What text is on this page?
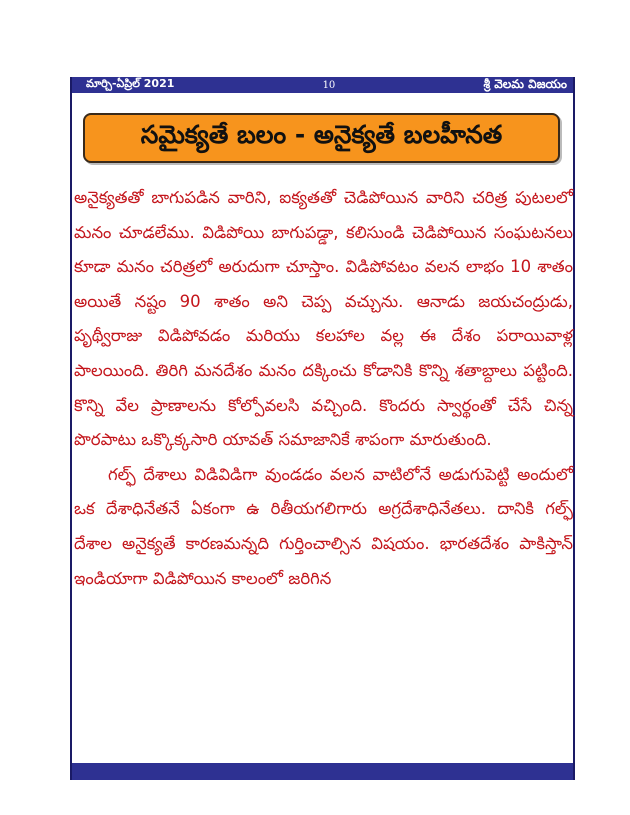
మార్చి-ఏప్రిల్ 2021	10	శ్రీ వెలమ విజయం
సమైక్యతే బలం - అనైక్యతే బలహీనత

అనైక్యతతో బాగుపడిన వారిని, ఐక్యతతో చెడిపోయిన వారిని చరిత్ర పుటలలో మనం చూడలేము. విడిపోయి బాగుపడ్డా, కలిసుండి చెడిపోయిన సంఘటనలు కూడా మనం చరిత్రలో అరుదుగా చూస్తాం. విడిపోవటం వలన లాభం 10 శాతం అయితే నష్టం 90 శాతం అని చెప్ప వచ్చును. ఆనాడు జయచంద్రుడు, పృథ్వీరాజు విడిపోవడం మరియు కలహాల వల్ల ఈ దేశం పరాయివాళ్ల పాలయింది. తిరిగి మనదేశం మనం దక్కించు కోడానికి కొన్ని శతాబ్దాలు పట్టింది. కొన్ని వేల ప్రాణాలను కోల్పోవలసి వచ్చింది. కొందరు స్వార్థంతో చేసే చిన్న పొరపాటు ఒక్కొక్కసారి యావత్ సమాజానికే శాపంగా మారుతుంది.

గల్ఫ్ దేశాలు విడివిడిగా వుండడం వలన వాటిలోనే అడుగుపెట్టి అందులో ఒక దేశాధినేతనే ఏకంగా ఉ రితీయగలిగారు అగ్రదేశాధినేతలు. దానికి గల్ఫ్ దేశాల అనైక్యతే కారణమన్నది గుర్తించాల్సిన విషయం. భారతదేశం పాకిస్తాన్ ఇండియాగా విడిపోయిన కాలంలో జరిగిన
